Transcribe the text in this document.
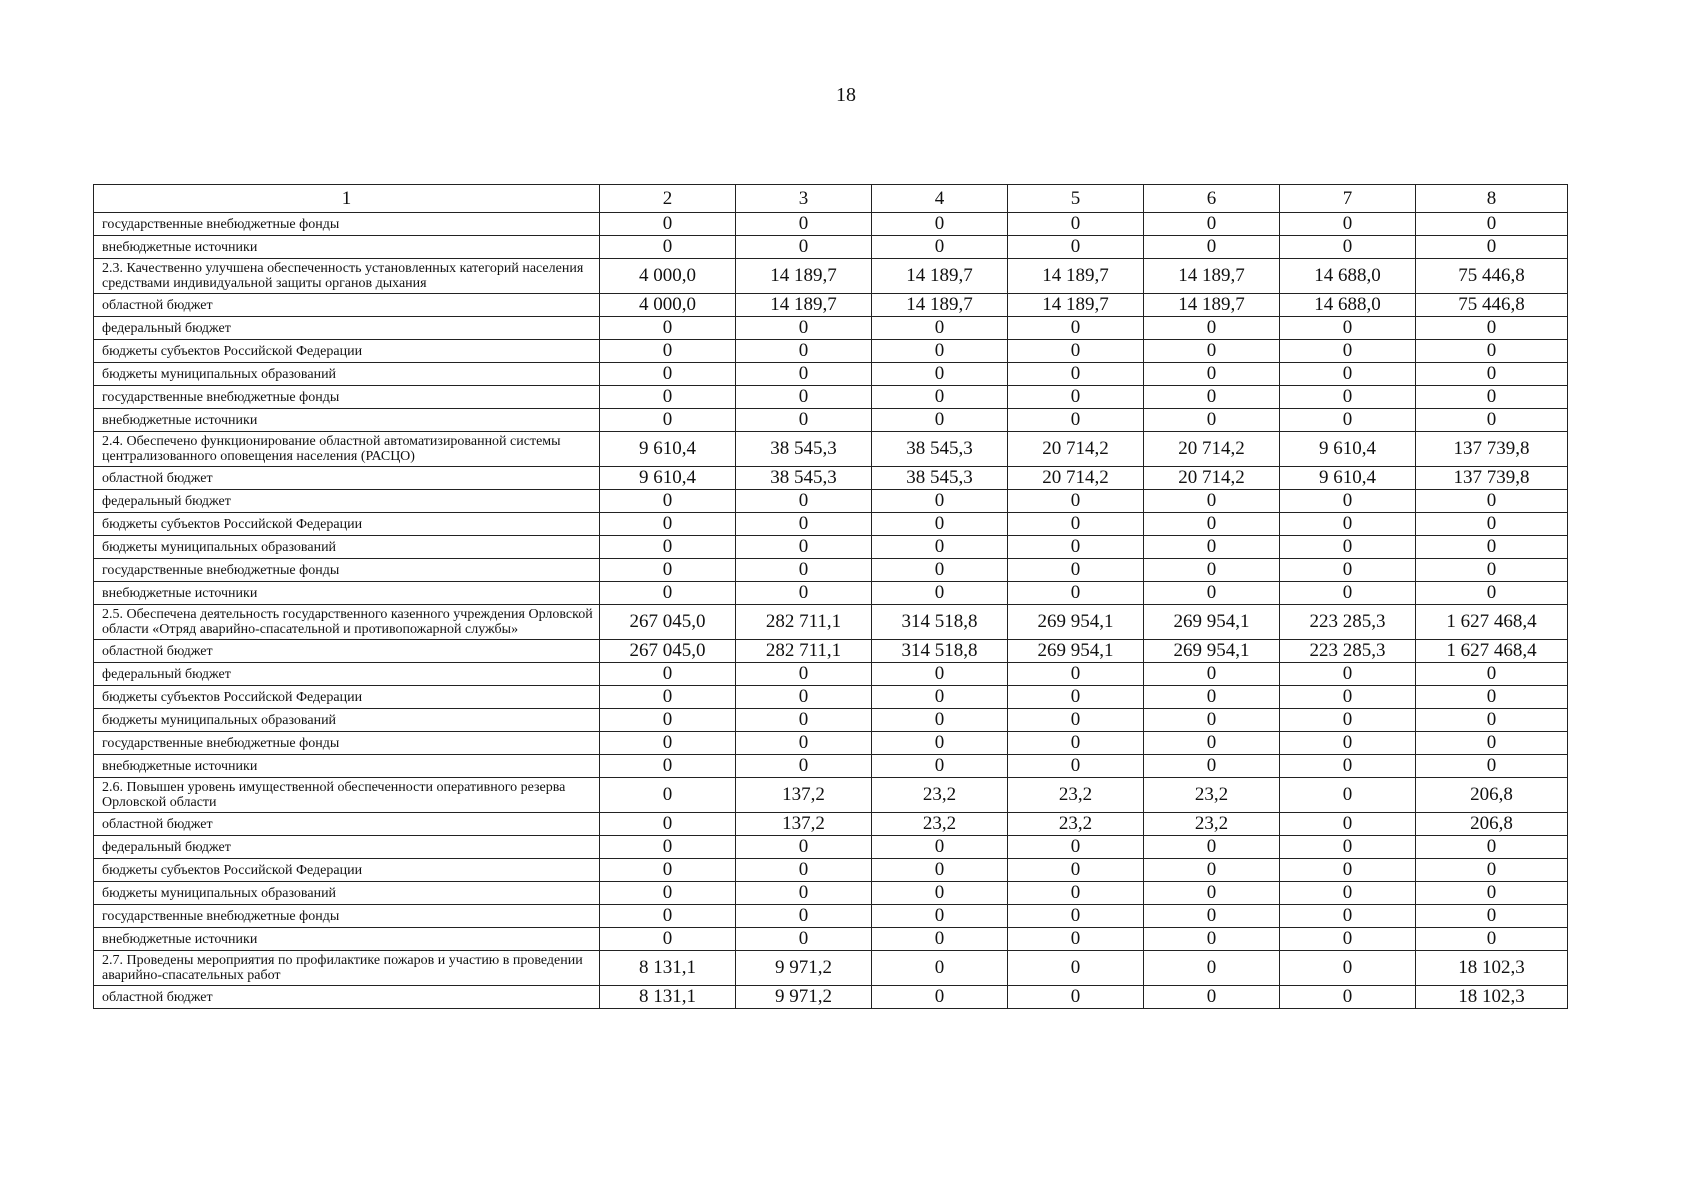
18
1	2	3	4	5	6	7	8
государственные внебюджетные фонды	0	0	0	0	0	0	0
внебюджетные источники	0	0	0	0	0	0	0
2.3. Качественно улучшена обеспеченность установленных категорий населения средствами индивидуальной защиты органов дыхания	4 000,0	14 189,7	14 189,7	14 189,7	14 189,7	14 688,0	75 446,8
областной бюджет	4 000,0	14 189,7	14 189,7	14 189,7	14 189,7	14 688,0	75 446,8
федеральный бюджет	0	0	0	0	0	0	0
бюджеты субъектов Российской Федерации	0	0	0	0	0	0	0
бюджеты муниципальных образований	0	0	0	0	0	0	0
государственные внебюджетные фонды	0	0	0	0	0	0	0
внебюджетные источники	0	0	0	0	0	0	0
2.4. Обеспечено функционирование областной автоматизированной системы централизованного оповещения населения (РАСЦО)	9 610,4	38 545,3	38 545,3	20 714,2	20 714,2	9 610,4	137 739,8
областной бюджет	9 610,4	38 545,3	38 545,3	20 714,2	20 714,2	9 610,4	137 739,8
федеральный бюджет	0	0	0	0	0	0	0
бюджеты субъектов Российской Федерации	0	0	0	0	0	0	0
бюджеты муниципальных образований	0	0	0	0	0	0	0
государственные внебюджетные фонды	0	0	0	0	0	0	0
внебюджетные источники	0	0	0	0	0	0	0
2.5. Обеспечена деятельность государственного казенного учреждения Орловской области «Отряд аварийно-спасательной и противопожарной службы»	267 045,0	282 711,1	314 518,8	269 954,1	269 954,1	223 285,3	1 627 468,4
областной бюджет	267 045,0	282 711,1	314 518,8	269 954,1	269 954,1	223 285,3	1 627 468,4
федеральный бюджет	0	0	0	0	0	0	0
бюджеты субъектов Российской Федерации	0	0	0	0	0	0	0
бюджеты муниципальных образований	0	0	0	0	0	0	0
государственные внебюджетные фонды	0	0	0	0	0	0	0
внебюджетные источники	0	0	0	0	0	0	0
2.6. Повышен уровень имущественной обеспеченности оперативного резерва Орловской области	0	137,2	23,2	23,2	23,2	0	206,8
областной бюджет	0	137,2	23,2	23,2	23,2	0	206,8
федеральный бюджет	0	0	0	0	0	0	0
бюджеты субъектов Российской Федерации	0	0	0	0	0	0	0
бюджеты муниципальных образований	0	0	0	0	0	0	0
государственные внебюджетные фонды	0	0	0	0	0	0	0
внебюджетные источники	0	0	0	0	0	0	0
2.7. Проведены мероприятия по профилактике пожаров и участию в проведении аварийно-спасательных работ	8 131,1	9 971,2	0	0	0	0	18 102,3
областной бюджет	8 131,1	9 971,2	0	0	0	0	18 102,3
